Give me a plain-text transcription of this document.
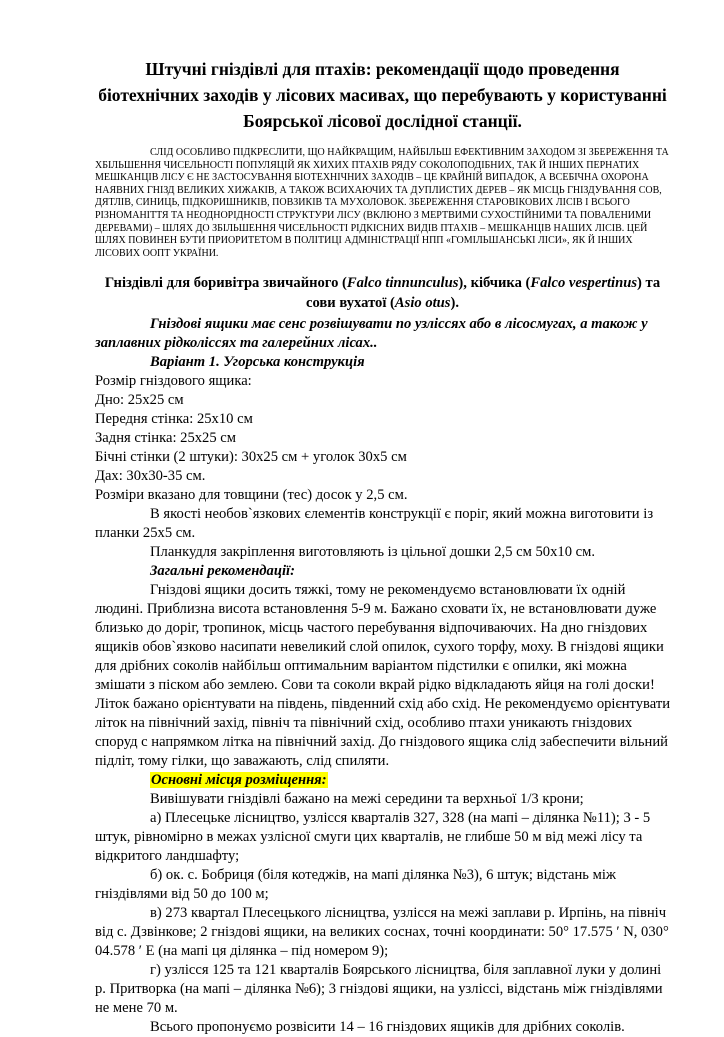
Штучні гніздівлі для птахів: рекомендації щодо проведення біотехнічних заходів у лісових масивах, що перебувають у користуванні Боярської лісової дослідної станції.

СЛІД ОСОБЛИВО ПІДКРЕСЛИТИ, ЩО НАЙКРАЩИМ, НАЙБІЛЬШ ЕФЕКТИВНИМ ЗАХОДОМ ЗІ ЗБЕРЕЖЕННЯ ТА ХБІЛЬШЕННЯ ЧИСЕЛЬНОСТІ ПОПУЛЯЦІЙ ЯК ХИХИХ ПТАХІВ РЯДУ СОКОЛОПОДІБНИХ, ТАК Й ІНШИХ ПЕРНАТИХ МЕШКАНЦІВ ЛІСУ Є НЕ ЗАСТОСУВАННЯ БІОТЕХНІЧНИХ ЗАХОДІВ – ЦЕ КРАЙНІЙ ВИПАДОК, А ВСЕБІЧНА ОХОРОНА НАЯВНИХ ГНІЗД ВЕЛИКИХ ХИЖАКІВ, А ТАКОЖ ВСИХАЮЧИХ ТА ДУПЛИСТИХ ДЕРЕВ – ЯК МІСЦЬ ГНІЗДУВАННЯ СОВ, ДЯТЛІВ, СИНИЦЬ, ПІДКОРИШНИКІВ, ПОВЗИКІВ ТА МУХОЛОВОК. ЗБЕРЕЖЕННЯ СТАРОВІКОВИХ ЛІСІВ І ВСЬОГО РІЗНОМАНІТТЯ ТА НЕОДНОРІДНОСТІ СТРУКТУРИ ЛІСУ (ВКЛЮНО З МЕРТВИМИ СУХОСТІЙНИМИ ТА ПОВАЛЕНИМИ ДЕРЕВАМИ) – ШЛЯХ ДО ЗБІЛЬШЕННЯ ЧИСЕЛЬНОСТІ РІДКІСНИХ ВИДІВ ПТАХІВ – МЕШКАНЦІВ НАШИХ ЛІСІВ. ЦЕЙ ШЛЯХ ПОВИНЕН БУТИ ПРИОРИТЕТОМ В ПОЛІТИЦІ АДМІНІСТРАЦІЇ НПП «ГОМІЛЬШАНСЬКІ ЛІСИ», ЯК Й ІНШИХ ЛІСОВИХ ООПТ УКРАЇНИ.

Гніздівлі для боривітра звичайного (Falco tinnunculus), кібчика (Falco vespertinus) та сови вухатої (Asio otus).

Гніздові ящики має сенс розвішувати по узліссях або в лісосмугах, а також у заплавних рідколіссях та галерейних лісах..

Варіант 1. Угорська конструкція

Розмір гніздового ящика:

Дно: 25х25 см

Передня стінка: 25х10 см

Задня стінка: 25х25 см

Бічні стінки (2 штуки): 30х25 см + уголок 30х5 см

Дах: 30х30-35 см.

Розміри вказано для товщини (тес) досок у 2,5 см.

В якості необов`язкових єлементів конструкції є поріг, який можна виготовити із планки 25х5 см.

Планкудля закріплення виготовляють із цільної дошки 2,5 см 50х10 см.

Загальні рекомендації:

Гніздові ящики досить тяжкі, тому не рекомендуємо встановлювати їх одній людині. Приблизна висота встановлення 5-9 м. Бажано сховати їх, не встановлювати дуже близько до доріг, тропинок, місць частого перебування відпочиваючих. На дно гніздових ящиків обов`язково насипати невеликий слой опилок, сухого торфу, моху. В гніздові ящики для дрібних соколів найбільш оптимальним варіантом підстилки є опилки, які можна змішати з піском або землею. Сови та соколи вкрай рідко відкладають яйця на голі доски! Літок бажано орієнтувати на південь, південний схід або схід. Не рекомендуємо орієнтувати літок на північний захід, північ та північний схід, особливо птахи уникають гніздових споруд с напрямком літка на північний захід. До гніздового ящика слід забеспечити вільний підліт, тому гілки, що заважають, слід спиляти.

Основні місця розміщення:

Вивішувати гніздівлі бажано на межі середини та верхньої 1/3 крони;

а) Плесецьке лісництво, узлісся кварталів 327, 328 (на мапі – ділянка №11); 3 - 5 штук, рівномірно в межах узлісної смуги цих кварталів, не глибше 50 м від межі лісу та відкритого ландшафту;

б) ок. с. Бобриця (біля котеджів, на мапі ділянка №3), 6 штук; відстань між гніздівлями від 50 до 100 м;

в) 273 квартал Плесецького лісництва, узлісся на межі заплави р. Ирпінь, на північ від с. Дзвінкове; 2 гніздові ящики, на великих соснах, точні координати: 50° 17.575 ′ N, 030° 04.578 ′ Е (на мапі ця ділянка – під номером 9);

г) узлісся 125 та 121 кварталів Боярського лісництва, біля заплавної луки у долині р. Притворка (на мапі – ділянка №6); 3 гніздові ящики, на узліссі, відстань між гніздівлями не мене 70 м.

Всього пропонуємо розвісити 14 – 16 гніздових ящиків для дрібних соколів.
